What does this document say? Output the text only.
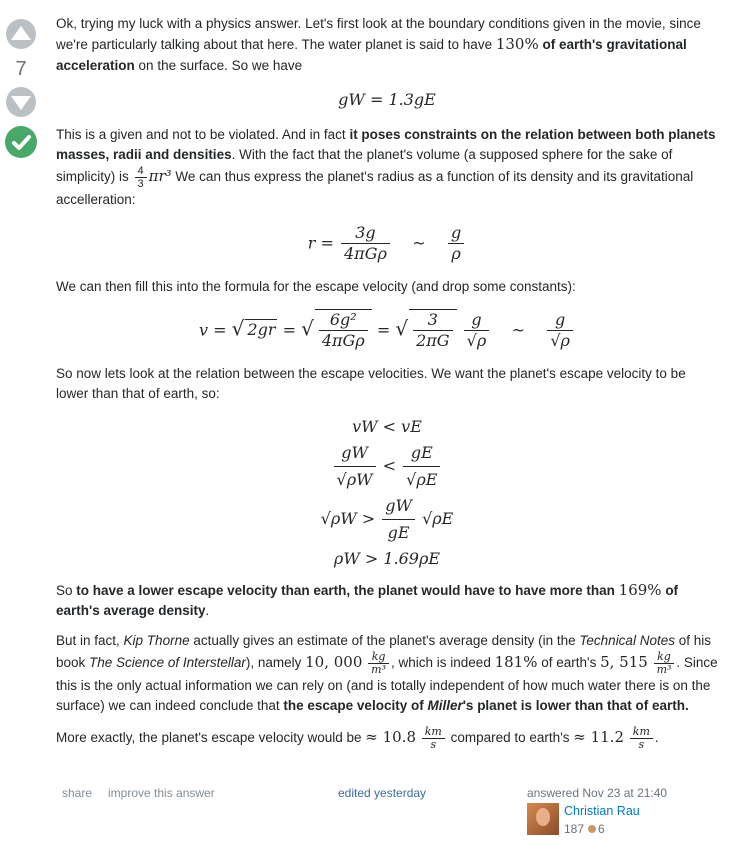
7

Ok, trying my luck with a physics answer. Let's first look at the boundary conditions given in the movie, since we're particularly talking about that here. The water planet is said to have 130% of earth's gravitational acceleration on the surface. So we have

gW = 1.3gE

This is a given and not to be violated. And in fact it poses constraints on the relation between both planets masses, radii and densities. With the fact that the planet's volume (a supposed sphere for the sake of simplicity) is $\frac{4}{3} \pi r^3$ We can thus express the planet's radius as a function of its density and its gravitational accelleration:

$r = \frac{3g}{\text{4πGρ}}$ ~ $\frac{g}{\rho}$

We can then fill this into the formula for the escape velocity (and drop some constants):

v = √ 2gr = √ $\frac{\text{6g²}}{\text{4πGρ}}$ = √ $\frac{3}{2\pi G}$
$\frac{g}{√\rho}$ ~ $\frac{g}{√\rho}$

So now lets look at the relation between the escape velocities. We want the planet's escape velocity to be lower than that of earth, so:

vW < vE
$\frac{gW}{√\rho W} < \frac{gE}{√\rho E}$
$√\rho W > \frac{gW}{gE} √\rho E$
ρW > 1.69ρE

So to have a lower escape velocity than earth, the planet would have to have more than 169% of earth's average density.

But in fact, Kip Thorne actually gives an estimate of the planet's average density (in the Technical Notes of his book The Science of Interstellar), namely 10, $000 \frac{kg}{\text{m³}}$ , which is indeed 181% of earth's 5, $515 \frac{kg}{\text{m³}}$ . Since this is the only actual information we can rely on (and is totally independent of how much water there is on the surface) we can indeed conclude that the escape velocity of Miller's planet is lower than that of earth.

More exactly, the planet's escape velocity would be ≈ $10.8 \frac{km}{s}$ compared to earth's ≈ $11.2 \frac{km}{s}$ .

share improve this answer	edited yesterday	answered Nov 23 at 21:40
Christian Rau
187 6
